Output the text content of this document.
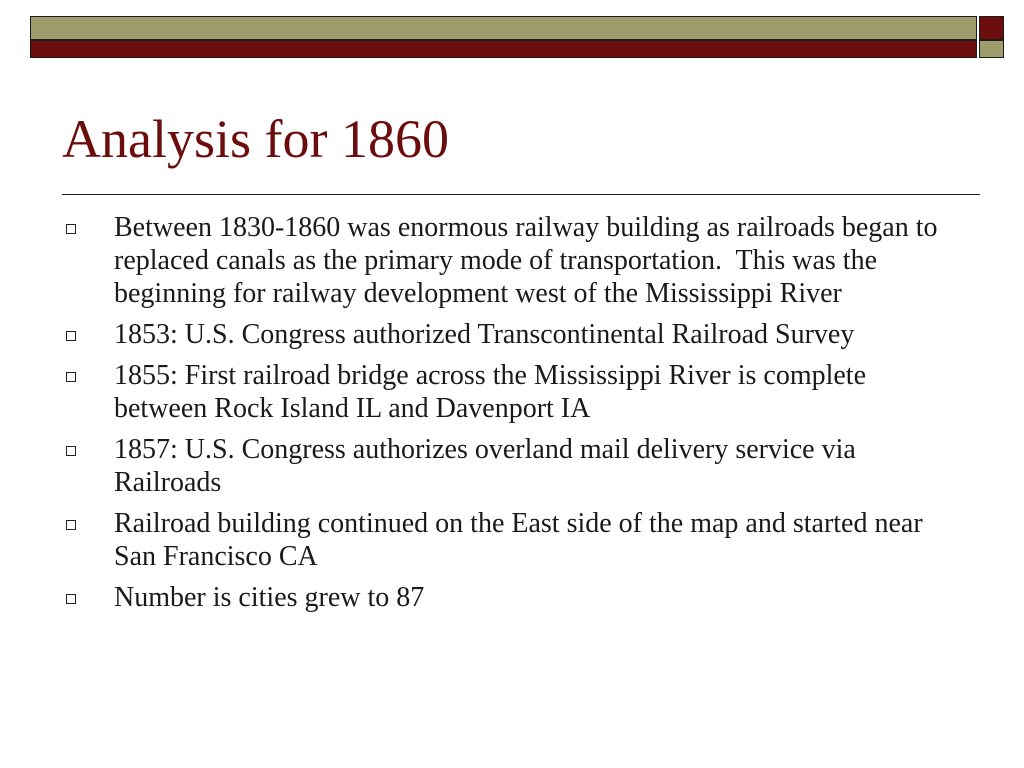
Analysis for 1860
Between 1830-1860 was enormous railway building as railroads began to replaced canals as the primary mode of transportation.  This was the beginning for railway development west of the Mississippi River
1853: U.S. Congress authorized Transcontinental Railroad Survey
1855: First railroad bridge across the Mississippi River is complete between Rock Island IL and Davenport IA
1857: U.S. Congress authorizes overland mail delivery service via Railroads
Railroad building continued on the East side of the map and started near San Francisco CA
Number is cities grew to 87
